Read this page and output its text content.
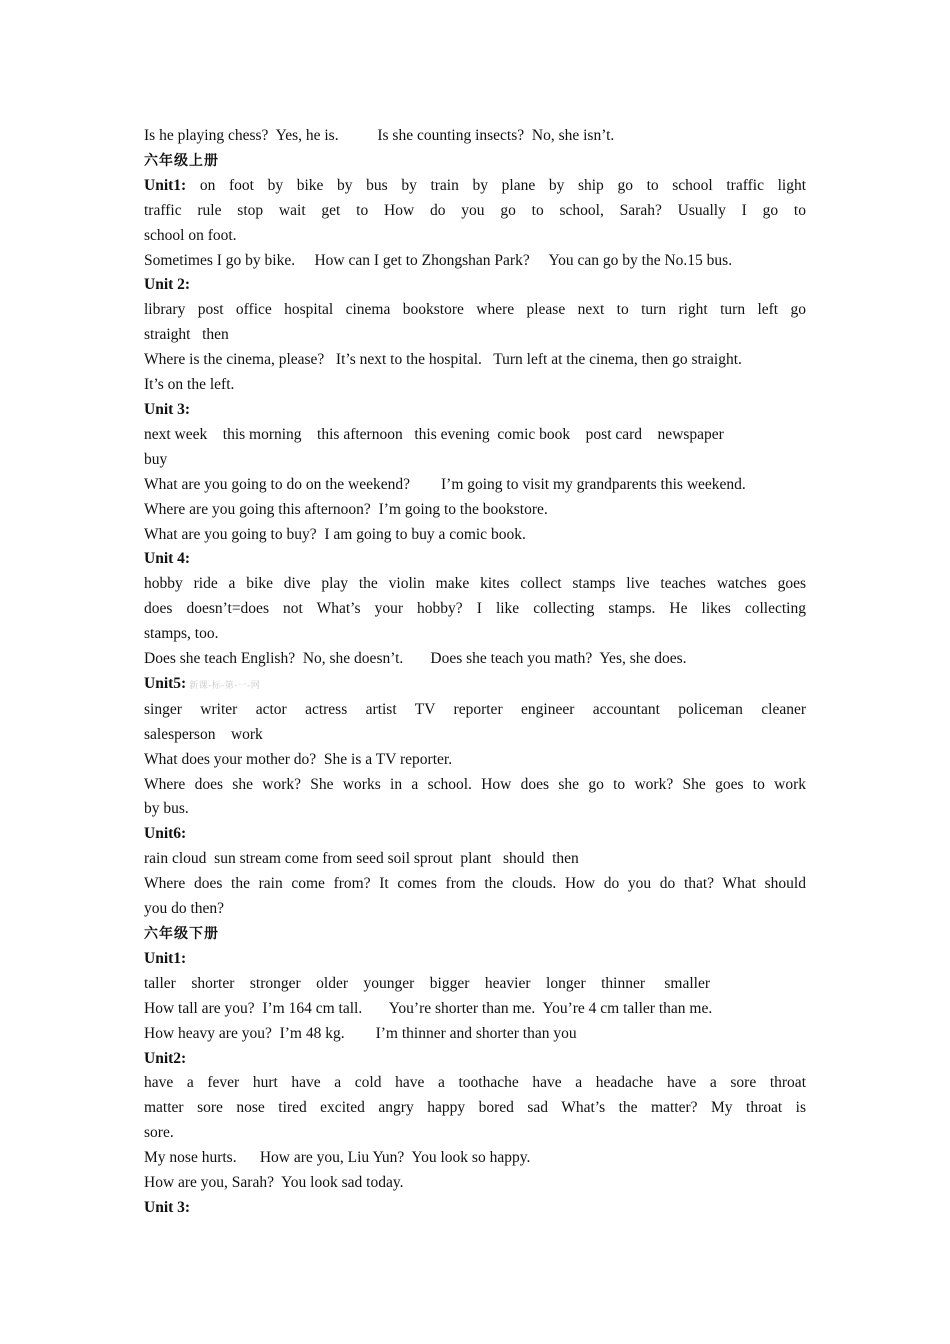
Is he playing chess?  Yes, he is.          Is she counting insects?  No, she isn’t.
六年级上册
Unit1: on foot by bike by bus by train by plane by ship go to school traffic light
traffic rule stop wait get to How do you go to school, Sarah? Usually I go to
school on foot.
Sometimes I go by bike.     How can I get to Zhongshan Park?     You can go by the No.15 bus.
Unit 2:
library post office hospital cinema bookstore where please next to turn right turn left go
straight   then
Where is the cinema, please?   It’s next to the hospital.   Turn left at the cinema, then go straight.
It’s on the left.
Unit 3:
next week    this morning    this afternoon   this evening  comic book    post card    newspaper
buy
What are you going to do on the weekend?        I’m going to visit my grandparents this weekend.
Where are you going this afternoon?  I’m going to the bookstore.
What are you going to buy?  I am going to buy a comic book.
Unit 4:
hobby ride a bike dive play the violin make kites collect stamps live teaches watches goes
does doesn’t=does not What’s your hobby? I like collecting stamps. He likes collecting
stamps, too.
Does she teach English?  No, she doesn’t.       Does she teach you math?  Yes, she does.
Unit5: 新课-标-第-一-网
singer writer actor actress artist TV reporter engineer accountant policeman cleaner
salesperson    work
What does your mother do?  She is a TV reporter.
Where does she work? She works in a school. How does she go to work? She goes to work
by bus.
Unit6:
rain cloud  sun stream come from seed soil sprout  plant   should  then
Where does the rain come from? It comes from the clouds. How do you do that? What should
you do then?
六年级下册
Unit1:
taller    shorter    stronger    older    younger    bigger    heavier    longer    thinner     smaller
How tall are you?  I’m 164 cm tall.       You’re shorter than me.  You’re 4 cm taller than me.
How heavy are you?  I’m 48 kg.        I’m thinner and shorter than you
Unit2:
have a fever hurt have a cold have a toothache have a headache have a sore throat
matter sore nose tired excited angry happy bored sad What’s the matter? My throat is
sore.
My nose hurts.      How are you, Liu Yun?  You look so happy.
How are you, Sarah?  You look sad today.
Unit 3:
